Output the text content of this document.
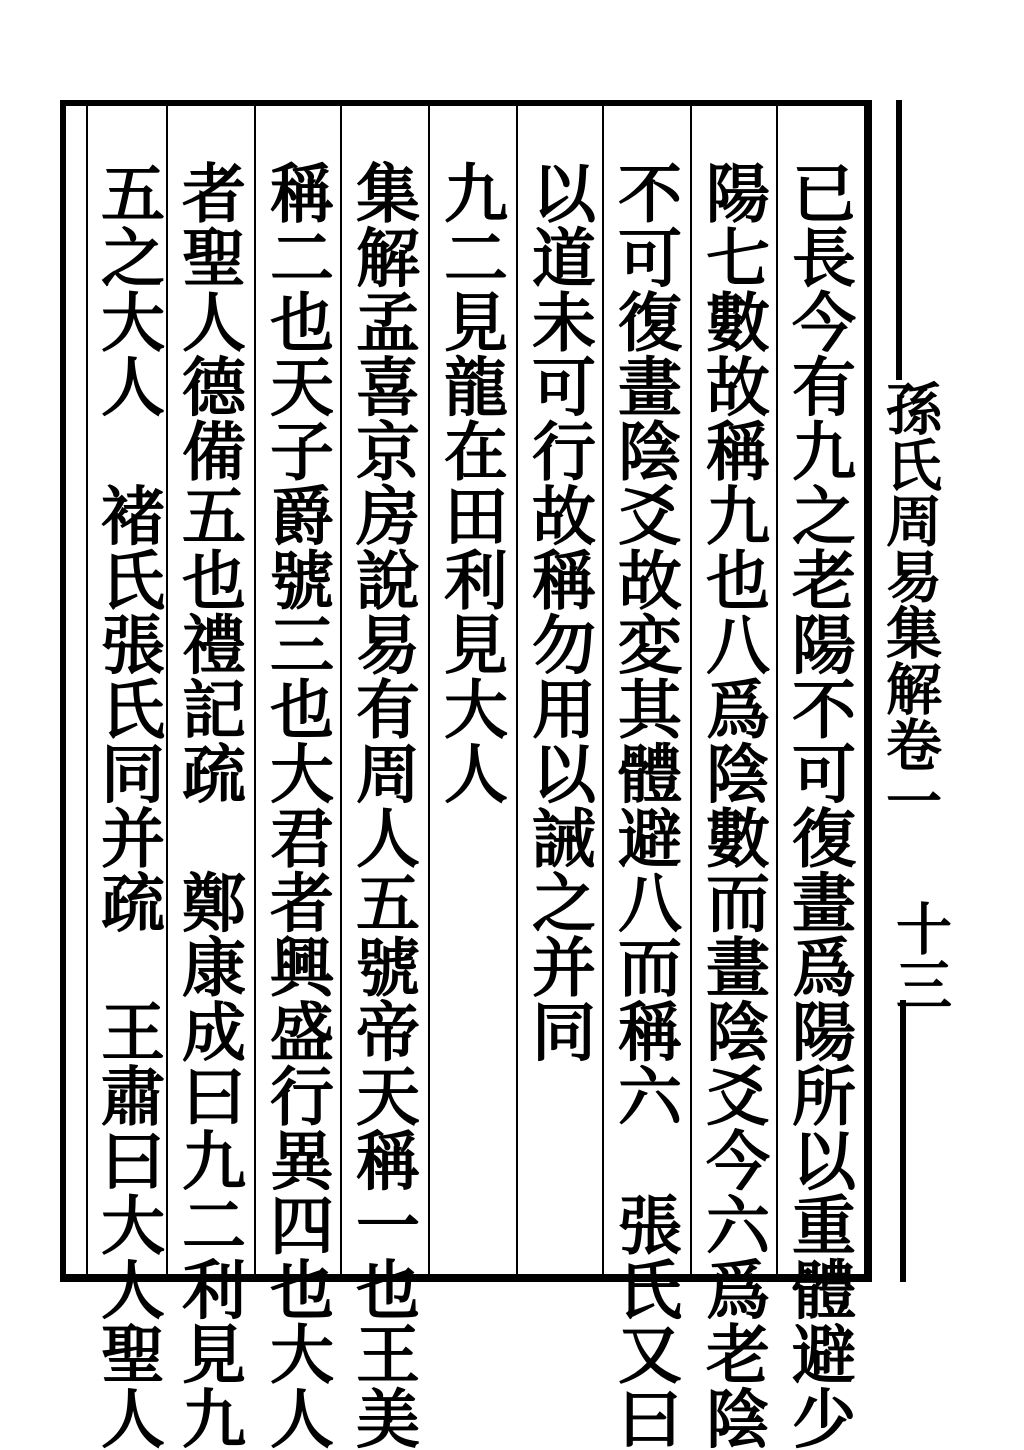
孫氏周易集解卷一
十三
已長今有九之老陽不可復畫爲陽所以重體避少
陽七數故稱九也八爲陰數而畫陰爻今六爲老陰
不可復畫陰爻故変其體避八而稱六　張氏又曰
以道未可行故稱勿用以誡之并同
九二見龍在田利見大人
集解孟喜京房說易有周人五號帝天稱一也王美
稱二也天子爵號三也大君者興盛行異四也大人
者聖人德備五也禮記疏　鄭康成曰九二利見九
五之大人　褚氏張氏同并疏　王肅曰大人聖人
